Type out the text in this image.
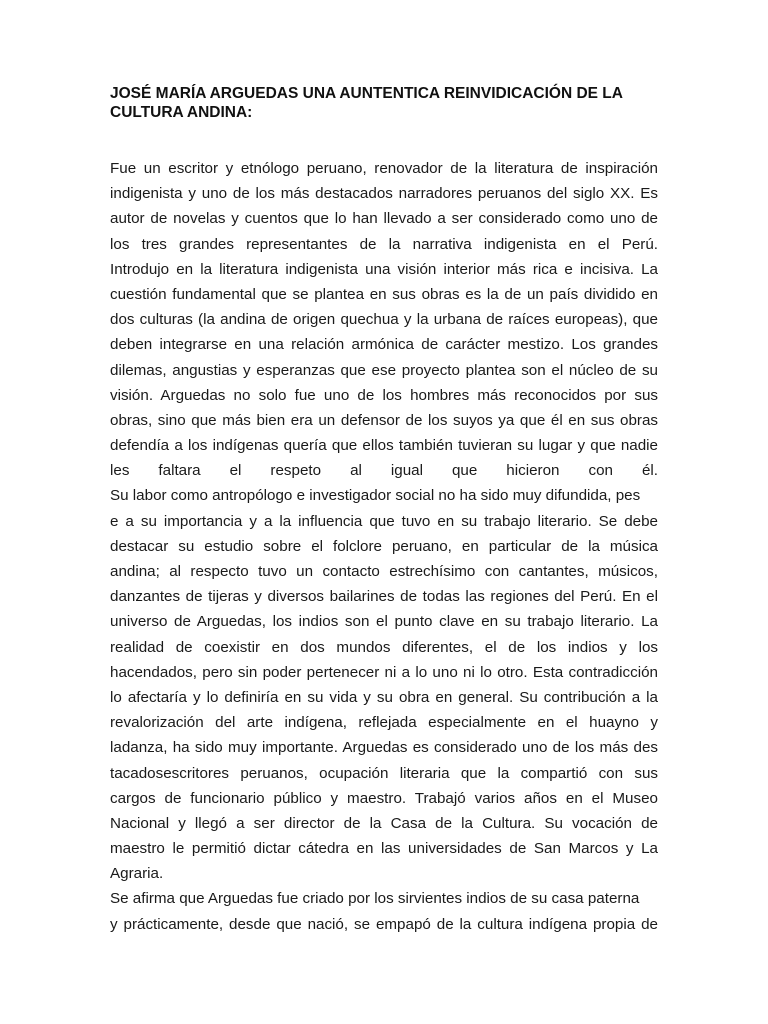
JOSÉ MARÍA ARGUEDAS UNA AUNTENTICA REINVIDICACIÓN DE LA
CULTURA ANDINA:
Fue un escritor y etnólogo peruano, renovador de la literatura de inspiración
indigenista y uno de los más destacados narradores peruanos del siglo XX. Es
autor de novelas y cuentos que lo han llevado a ser considerado como uno de
los tres grandes representantes de la narrativa indigenista en el Perú.
Introdujo en la literatura indigenista una visión interior más rica e incisiva. La
cuestión fundamental que se plantea en sus obras es la de un país dividido en
dos culturas (la andina de origen quechua y la urbana de raíces europeas), que
deben integrarse en una relación armónica de carácter mestizo. Los grandes
dilemas, angustias y esperanzas que ese proyecto plantea son el núcleo de su
visión. Arguedas no solo fue uno de los hombres más reconocidos por sus
obras, sino que más bien era un defensor de los suyos ya que él en sus obras
defendía a los indígenas quería que ellos también tuvieran su lugar y que nadie
les faltara el respeto al igual que hicieron con él.
Su labor como antropólogo e investigador social no ha sido muy difundida, pes
e a su importancia y a la influencia que tuvo en su trabajo literario. Se debe
destacar su estudio sobre el folclore peruano, en particular de la música
andina; al respecto tuvo un contacto estrechísimo con cantantes, músicos,
danzantes de tijeras y diversos bailarines de todas las regiones del Perú. En el
universo de Arguedas, los indios son el punto clave en su trabajo literario. La
realidad de coexistir en dos mundos diferentes, el de los indios y los
hacendados, pero sin poder pertenecer ni a lo uno ni lo otro. Esta contradicción
lo afectaría y lo definiría en su vida y su obra en general. Su contribución a la
revalorización del arte indígena, reflejada especialmente en el huayno y
ladanza, ha sido muy importante. Arguedas es considerado uno de los más des
tacadosescritores peruanos, ocupación literaria que la compartió con sus
cargos de funcionario público y maestro. Trabajó varios años en el Museo
Nacional y llegó a ser director de la Casa de la Cultura. Su vocación de
maestro le permitió dictar cátedra en las universidades de San Marcos y La
Agraria.
Se afirma que Arguedas fue criado por los sirvientes indios de su casa paterna
y prácticamente, desde que nació, se empapó de la cultura indígena propia de
